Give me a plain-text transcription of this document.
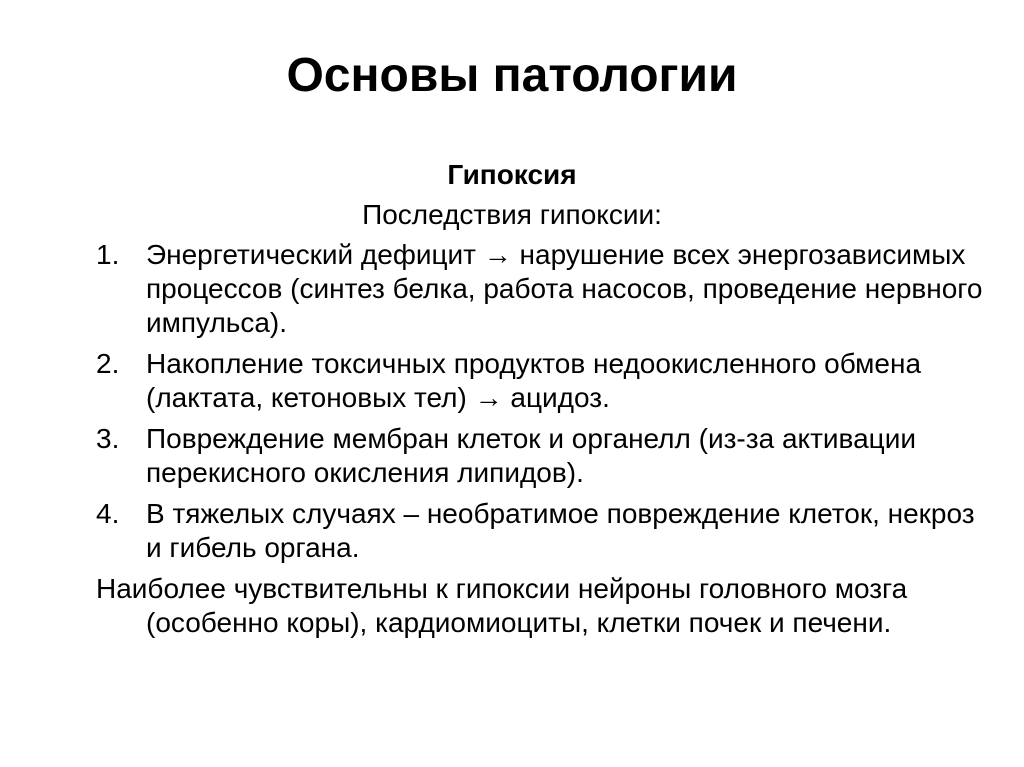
Основы патологии
Гипоксия
Последствия гипоксии:
1. Энергетический дефицит → нарушение всех энергозависимых процессов (синтез белка, работа насосов, проведение нервного импульса).
2. Накопление токсичных продуктов недоокисленного обмена (лактата, кетоновых тел) → ацидоз.
3. Повреждение мембран клеток и органелл (из-за активации перекисного окисления липидов).
4. В тяжелых случаях – необратимое повреждение клеток, некроз и гибель органа.
Наиболее чувствительны к гипоксии нейроны головного мозга (особенно коры), кардиомиоциты, клетки почек и печени.
